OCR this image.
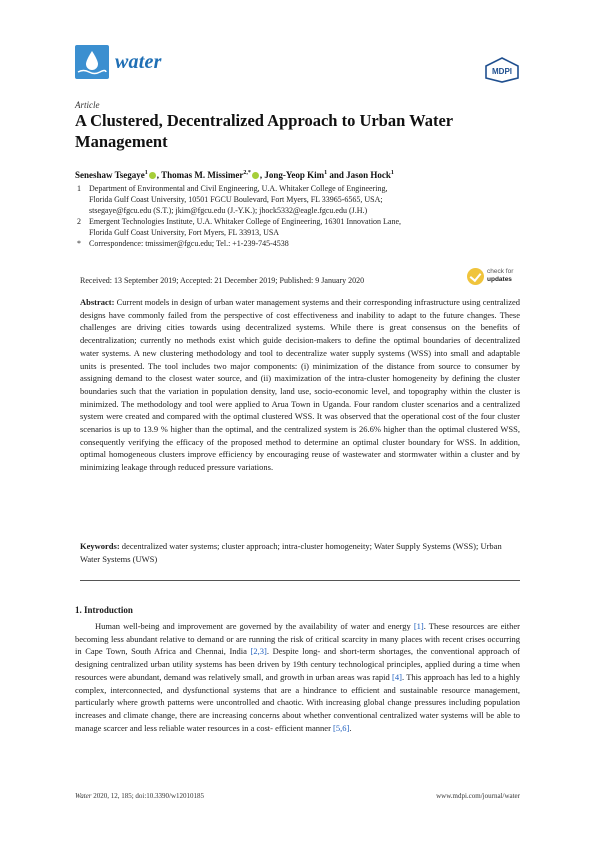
water	MDPI
Article
A Clustered, Decentralized Approach to Urban Water Management
Seneshaw Tsegaye$^1$ , Thomas M. Missimer$^{2,*}$ , Jong-Yeop Kim$^1$ and Jason Hock$^1$
1	Department of Environmental and Civil Engineering, U.A. Whitaker College of Engineering,
Florida Gulf Coast University, 10501 FGCU Boulevard, Fort Myers, FL 33965-6565, USA;
stsegaye@fgcu.edu (S.T.); jkim@fgcu.edu (J.-Y.K.); jhock5332@eagle.fgcu.edu (J.H.)
2	Emergent Technologies Institute, U.A. Whitaker College of Engineering, 16301 Innovation Lane,
Florida Gulf Coast University, Fort Myers, FL 33913, USA
*	Correspondence: tmissimer@fgcu.edu; Tel.: +1-239-745-4538
Received: 13 September 2019; Accepted: 21 December 2019; Published: 9 January 2020
check for
updates
Abstract: Current models in design of urban water management systems and their corresponding infrastructure using centralized designs have commonly failed from the perspective of cost effectiveness and inability to adapt to the future changes. These challenges are driving cities towards using decentralized systems. While there is great consensus on the benefits of decentralization; currently no methods exist which guide decision-makers to define the optimal boundaries of decentralized water systems. A new clustering methodology and tool to decentralize water supply systems (WSS) into small and adaptable units is presented. The tool includes two major components: (i) minimization of the distance from source to consumer by assigning demand to the closest water source, and (ii) maximization of the intra-cluster homogeneity by defining the cluster boundaries such that the variation in population density, land use, socio-economic level, and topography within the cluster is minimized. The methodology and tool were applied to Arua Town in Uganda. Four random cluster scenarios and a centralized system were created and compared with the optimal clustered WSS. It was observed that the operational cost of the four cluster scenarios is up to 13.9 % higher than the optimal, and the centralized system is 26.6% higher than the optimal clustered WSS, consequently verifying the efficacy of the proposed method to determine an optimal cluster boundary for WSS. In addition, optimal homogeneous clusters improve efficiency by encouraging reuse of wastewater and stormwater within a cluster and by minimizing leakage through reduced pressure variations.
Keywords: decentralized water systems; cluster approach; intra-cluster homogeneity; Water Supply Systems (WSS); Urban Water Systems (UWS)
1. Introduction

Human well-being and improvement are governed by the availability of water and energy [1]. These resources are either becoming less abundant relative to demand or are running the risk of critical scarcity in many places with recent crises occurring in Cape Town, South Africa and Chennai, India [2,3]. Despite long- and short-term shortages, the conventional approach of designing centralized urban utility systems has been driven by 19th century technological principles, applied during a time when resources were abundant, demand was relatively small, and growth in urban areas was rapid [4]. This approach has led to a highly complex, interconnected, and dysfunctional systems that are a hindrance to efficient and sustainable resource management, particularly where growth patterns were uncontrolled and chaotic. With increasing global change pressures including population increases and climate change, there are increasing concerns about whether conventional centralized water systems will be able to manage scarcer and less reliable water resources in a cost- efficient manner [5,6].

Water 2020, 12, 185; doi:10.3390/w12010185	www.mdpi.com/journal/water
